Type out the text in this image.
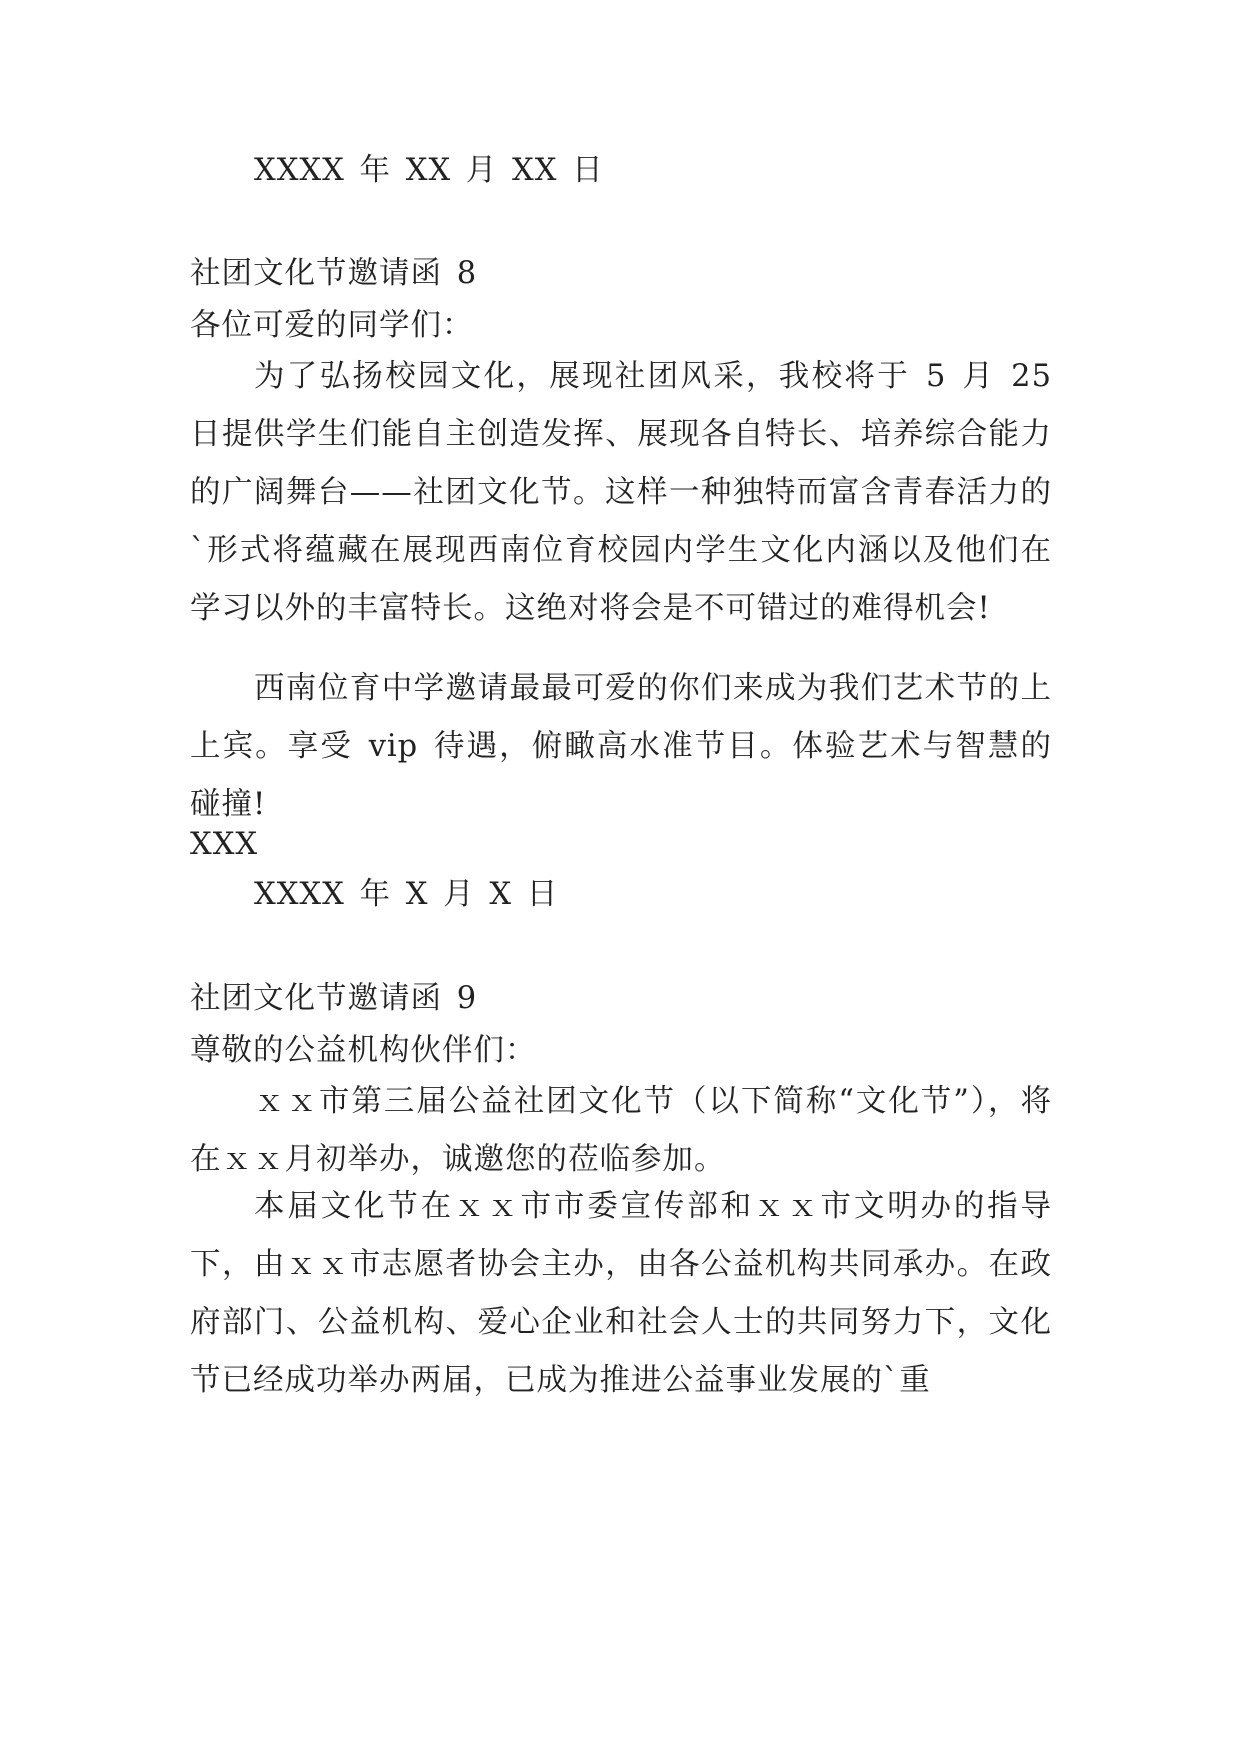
XXXX 年 XX 月 XX 日
社团文化节邀请函 8
各位可爱的同学们：

为了弘扬校园文化，展现社团风采，我校将于 5 月 25 日提供学生们能自主创造发挥、展现各自特长、培养综合能力的广阔舞台——社团文化节。这样一种独特而富含青春活力的`形式将蕴藏在展现西南位育校园内学生文化内涵以及他们在学习以外的丰富特长。这绝对将会是不可错过的难得机会!

西南位育中学邀请最最可爱的你们来成为我们艺术节的上上宾。享受 vip 待遇，俯瞰高水准节目。体验艺术与智慧的碰撞!

XXX
XXXX 年 X 月 X 日
社团文化节邀请函 9
尊敬的公益机构伙伴们：

ｘｘ市第三届公益社团文化节（以下简称“文化节”），将在ｘｘ月初举办，诚邀您的莅临参加。

本届文化节在ｘｘ市市委宣传部和ｘｘ市文明办的指导下，由ｘｘ市志愿者协会主办，由各公益机构共同承办。在政府部门、公益机构、爱心企业和社会人士的共同努力下，文化节已经成功举办两届，已成为推进公益事业发展的`重
